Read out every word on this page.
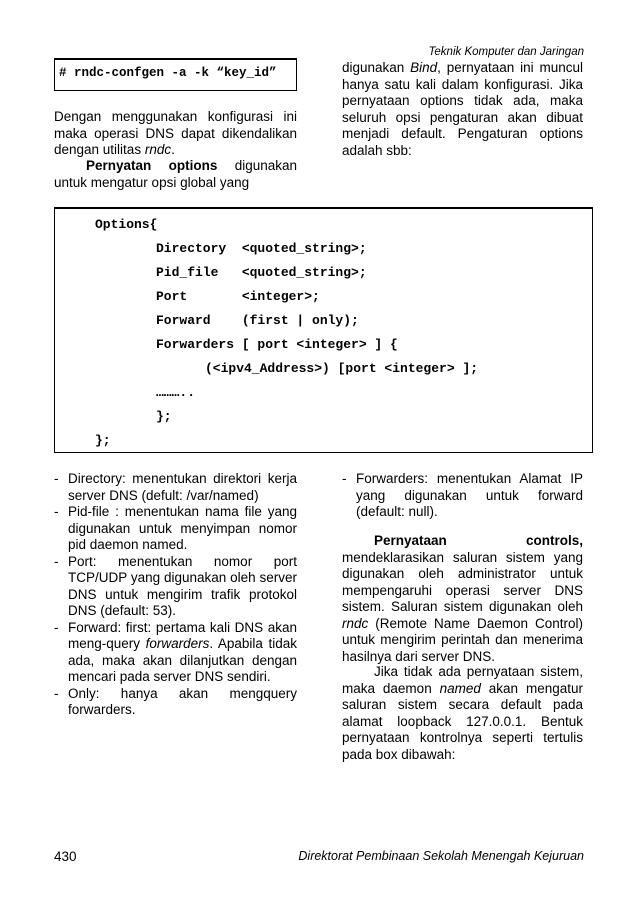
Teknik Komputer dan Jaringan
# rndc-confgen -a -k “key_id”
Dengan menggunakan konfigurasi ini maka operasi DNS dapat dikendalikan dengan utilitas rndc.
Pernyatan options digunakan untuk mengatur opsi global yang
digunakan Bind, pernyataan ini muncul hanya satu kali dalam konfigurasi. Jika pernyataan options tidak ada, maka seluruh opsi pengaturan akan dibuat menjadi default. Pengaturan options adalah sbb:
Options{
Directory  <quoted_string>;
Pid_file   <quoted_string>;
Port       <integer>;
Forward    (first | only);
Forwarders [ port <integer> ] {
(<ipv4_Address>) [port <integer> ];
………..
};
};
- Directory: menentukan direktori kerja server DNS (defult: /var/named)
- Pid-file : menentukan nama file yang digunakan untuk menyimpan nomor pid daemon named.
- Port: menentukan nomor port TCP/UDP yang digunakan oleh server DNS untuk mengirim trafik protokol DNS (default: 53).
- Forward: first: pertama kali DNS akan meng-query forwarders. Apabila tidak ada, maka akan dilanjutkan dengan mencari pada server DNS sendiri.
- Only: hanya akan mengquery forwarders.
- Forwarders: menentukan Alamat IP yang digunakan untuk forward (default: null).
Pernyataan controls, mendeklarasikan saluran sistem yang digunakan oleh administrator untuk mempengaruhi operasi server DNS sistem. Saluran sistem digunakan oleh rndc (Remote Name Daemon Control) untuk mengirim perintah dan menerima hasilnya dari server DNS.
Jika tidak ada pernyataan sistem, maka daemon named akan mengatur saluran sistem secara default pada alamat loopback 127.0.0.1. Bentuk pernyataan kontrolnya seperti tertulis pada box dibawah:
430	Direktorat Pembinaan Sekolah Menengah Kejuruan
